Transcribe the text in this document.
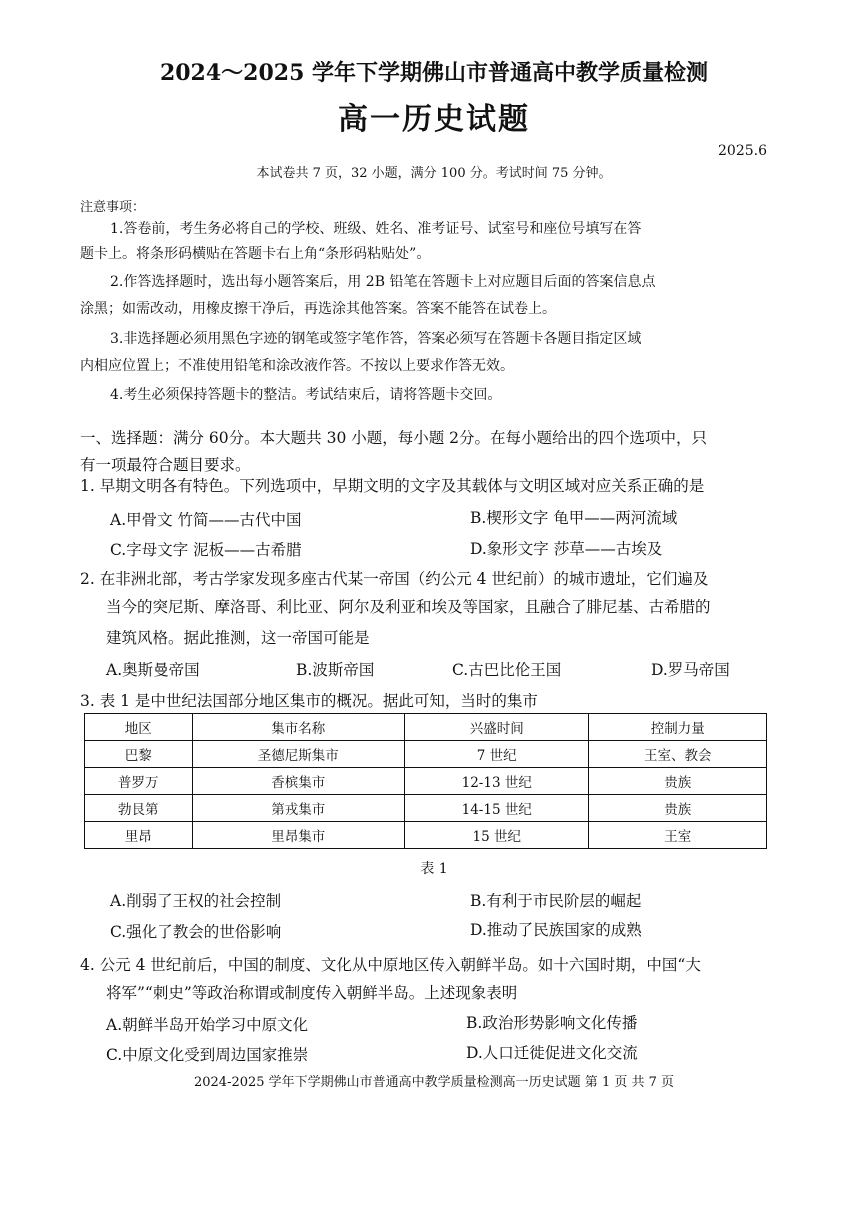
2024～2025 学年下学期佛山市普通高中教学质量检测
高一历史试题
2025.6
本试卷共 7 页，32 小题，满分 100 分。考试时间 75 分钟。
注意事项：
1.答卷前，考生务必将自己的学校、班级、姓名、准考证号、试室号和座位号填写在答
题卡上。将条形码横贴在答题卡右上角“条形码粘贴处”。
2.作答选择题时，选出每小题答案后，用 2B 铅笔在答题卡上对应题目后面的答案信息点
涂黑；如需改动，用橡皮擦干净后，再选涂其他答案。答案不能答在试卷上。
3.非选择题必须用黑色字迹的钢笔或签字笔作答，答案必须写在答题卡各题目指定区域
内相应位置上；不准使用铅笔和涂改液作答。不按以上要求作答无效。
4.考生必须保持答题卡的整洁。考试结束后，请将答题卡交回。
一、选择题：满分 60分。本大题共 30 小题，每小题 2分。在每小题给出的四个选项中，只
有一项最符合题目要求。
1. 早期文明各有特色。下列选项中，早期文明的文字及其载体与文明区域对应关系正确的是
A.甲骨文 竹简——古代中国	B.楔形文字 龟甲——两河流域
C.字母文字 泥板——古希腊	D.象形文字 莎草——古埃及
2. 在非洲北部，考古学家发现多座古代某一帝国（约公元 4 世纪前）的城市遗址，它们遍及
当今的突尼斯、摩洛哥、利比亚、阿尔及利亚和埃及等国家，且融合了腓尼基、古希腊的
建筑风格。据此推测，这一帝国可能是
A.奥斯曼帝国	B.波斯帝国	C.古巴比伦王国	D.罗马帝国
3. 表 1 是中世纪法国部分地区集市的概况。据此可知，当时的集市
地区	集市名称	兴盛时间	控制力量
巴黎	圣德尼斯集市	7 世纪	王室、教会
普罗万	香槟集市	12-13 世纪	贵族
勃艮第	第戎集市	14-15 世纪	贵族
里昂	里昂集市	15 世纪	王室
表 1
A.削弱了王权的社会控制	B.有利于市民阶层的崛起
C.强化了教会的世俗影响	D.推动了民族国家的成熟
4. 公元 4 世纪前后，中国的制度、文化从中原地区传入朝鲜半岛。如十六国时期，中国“大
将军”“刺史”等政治称谓或制度传入朝鲜半岛。上述现象表明
A.朝鲜半岛开始学习中原文化	B.政治形势影响文化传播
C.中原文化受到周边国家推崇	D.人口迁徙促进文化交流
2024-2025 学年下学期佛山市普通高中教学质量检测高一历史试题 第 1 页 共 7 页
